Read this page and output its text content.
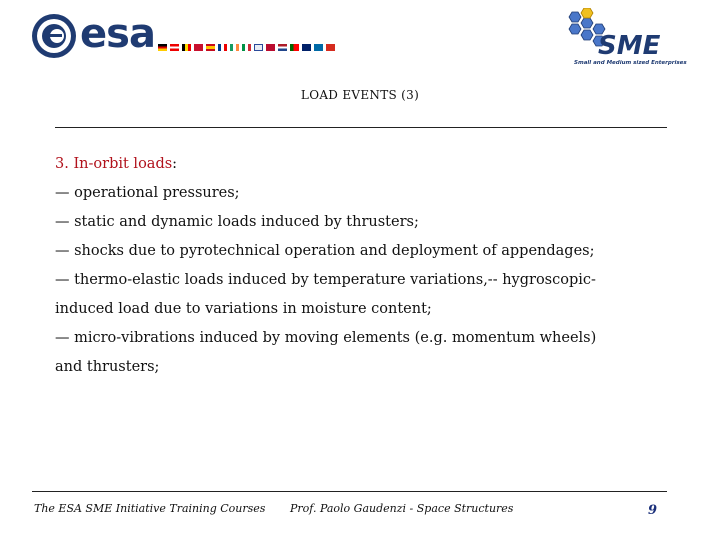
esa	SME
Small and Medium sized Enterprises
LOAD EVENTS (3)
3. In-orbit loads:
— operational pressures;
— static and dynamic loads induced by thrusters;
— shocks due to pyrotechnical operation and deployment of appendages;
— thermo-elastic loads induced by temperature variations,-- hygroscopic-induced load due to variations in moisture content;
— micro-vibrations induced by moving elements (e.g. momentum wheels) and thrusters;
The ESA SME Initiative Training Courses Prof. Paolo Gaudenzi - Space Structures	9
